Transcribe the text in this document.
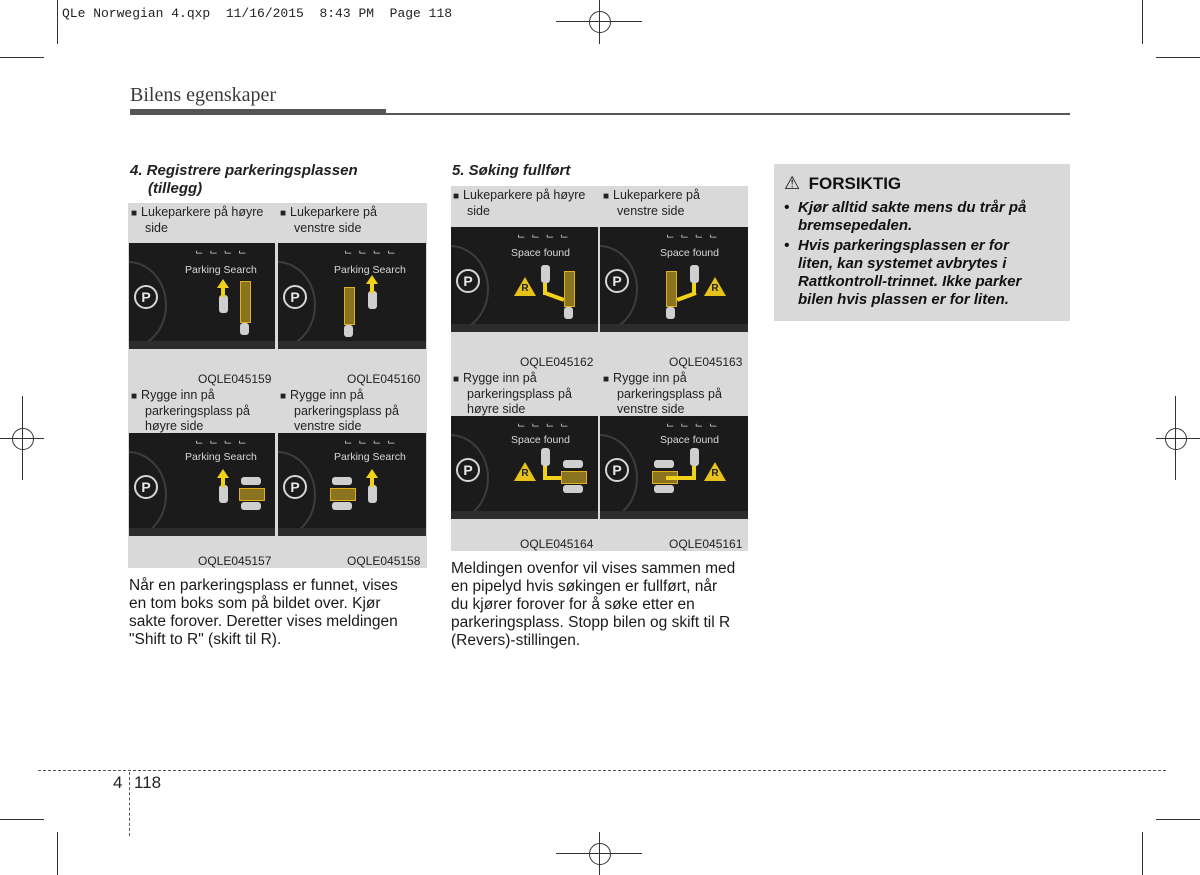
QLe Norwegian 4.qxp  11/16/2015  8:43 PM  Page 118
Bilens egenskaper
4. Registrere parkeringsplassen
(tillegg)
■ Lukeparkere på høyre
side
■ Lukeparkere på
venstre side
P
⌙⌙⌙⌙
Parking Search
P
⌙⌙⌙⌙
Parking Search
OQLE045159	OQLE045160
■ Rygge inn på
parkeringsplass på
høyre side
■ Rygge inn på
parkeringsplass på
venstre side
P
⌙⌙⌙⌙
Parking Search
P
⌙⌙⌙⌙
Parking Search
OQLE045157	OQLE045158
Når en parkeringsplass er funnet, vises
en tom boks som på bildet over. Kjør
sakte forover. Deretter vises meldingen
"Shift to R" (skift til R).
5. Søking fullført
■ Lukeparkere på høyre
side
■ Lukeparkere på
venstre side
P
⌙⌙⌙⌙
Space found
R	P
⌙⌙⌙⌙
Space found
R
OQLE045162	OQLE045163
■ Rygge inn på
parkeringsplass på
høyre side
■ Rygge inn på
parkeringsplass på
venstre side
P
⌙⌙⌙⌙
Space found
R	P
⌙⌙⌙⌙
Space found
R
OQLE045164	OQLE045161
Meldingen ovenfor vil vises sammen med
en pipelyd hvis søkingen er fullført, når
du kjører forover for å søke etter en
parkeringsplass. Stopp bilen og skift til R
(Revers)-stillingen.
⚠ FORSIKTIG
• Kjør alltid sakte mens du trår på
bremsepedalen.
• Hvis parkeringsplassen er for
liten, kan systemet avbrytes i
Rattkontroll-trinnet. Ikke parker
bilen hvis plassen er for liten.
4 118
